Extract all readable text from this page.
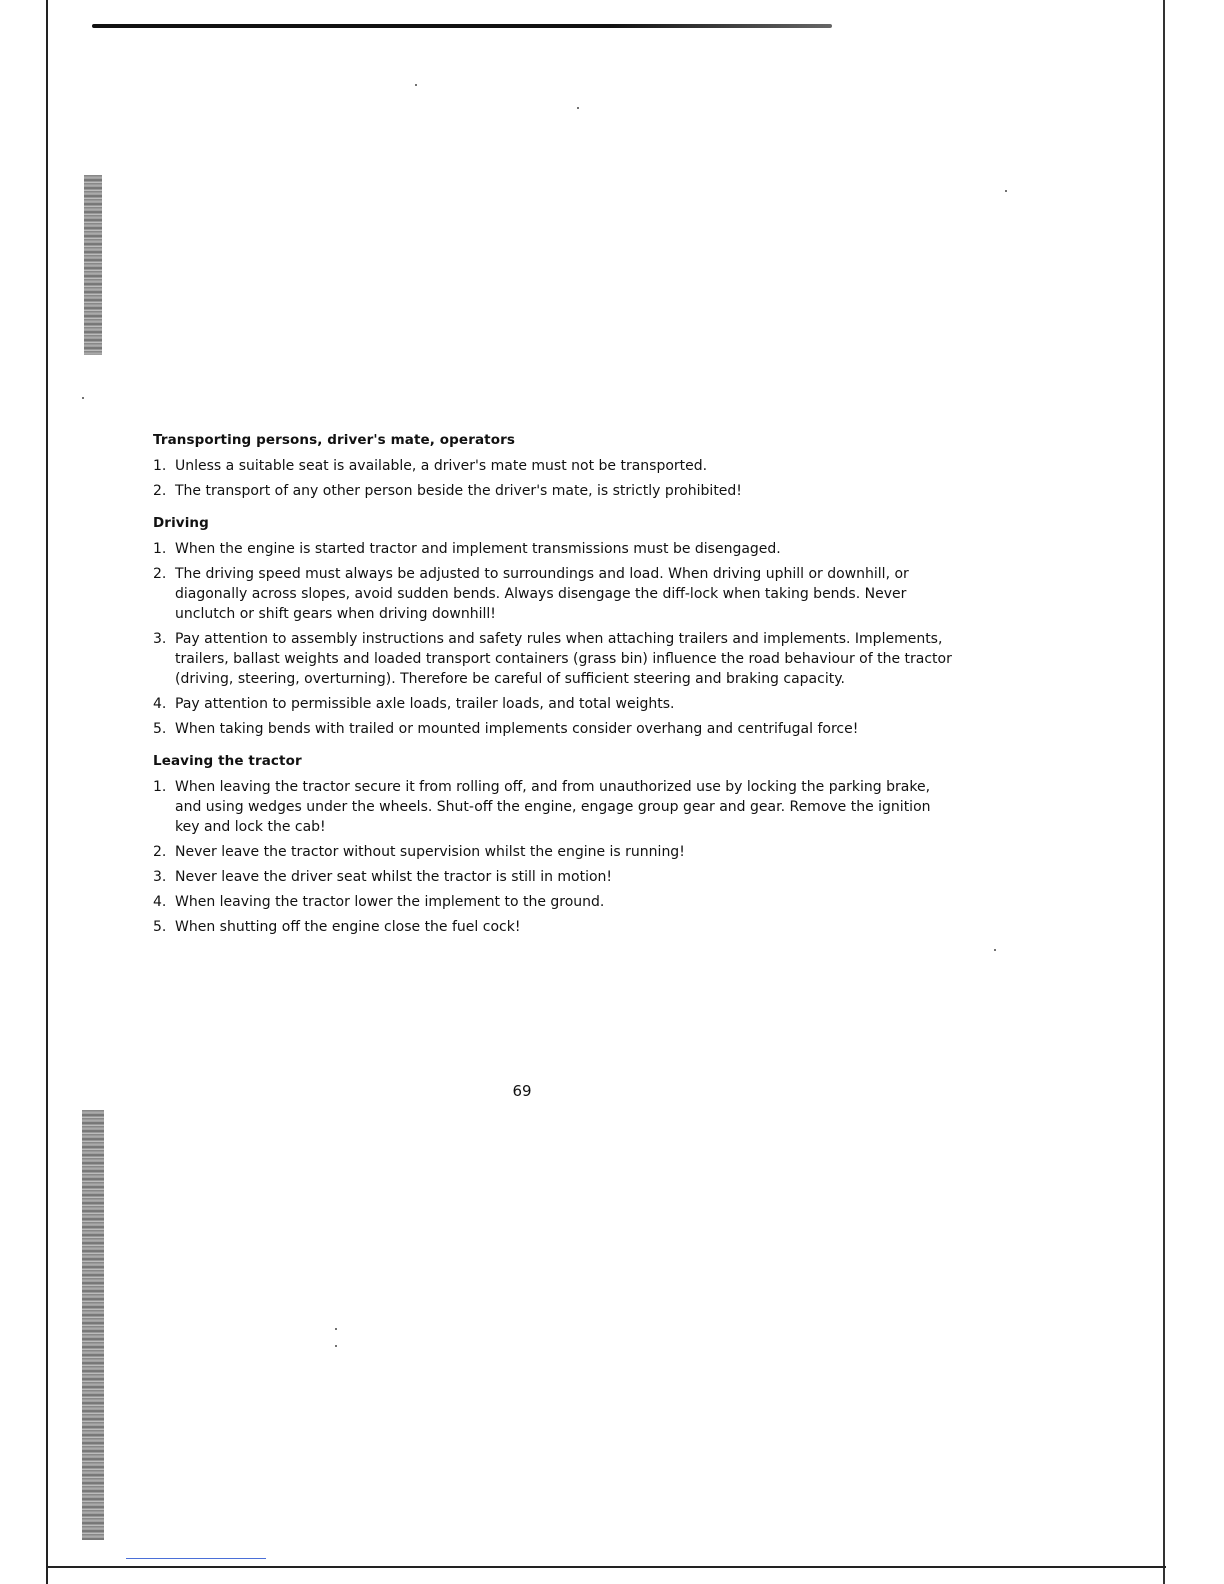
Transporting persons, driver's mate, operators
1. Unless a suitable seat is available, a driver's mate must not be transported.
2. The transport of any other person beside the driver's mate, is strictly prohibited!
Driving
1. When the engine is started tractor and implement transmissions must be disengaged.
2. The driving speed must always be adjusted to surroundings and load. When driving uphill or downhill, or diagonally across slopes, avoid sudden bends. Always disengage the diff-lock when taking bends. Never unclutch or shift gears when driving downhill!
3. Pay attention to assembly instructions and safety rules when attaching trailers and implements. Implements, trailers, ballast weights and loaded transport containers (grass bin) influence the road behaviour of the tractor (driving, steering, overturning). Therefore be careful of sufficient steering and braking capacity.
4. Pay attention to permissible axle loads, trailer loads, and total weights.
5. When taking bends with trailed or mounted implements consider overhang and centrifugal force!
Leaving the tractor
1. When leaving the tractor secure it from rolling off, and from unauthorized use by locking the parking brake, and using wedges under the wheels. Shut-off the engine, engage group gear and gear. Remove the ignition key and lock the cab!
2. Never leave the tractor without supervision whilst the engine is running!
3. Never leave the driver seat whilst the tractor is still in motion!
4. When leaving the tractor lower the implement to the ground.
5. When shutting off the engine close the fuel cock!
69
